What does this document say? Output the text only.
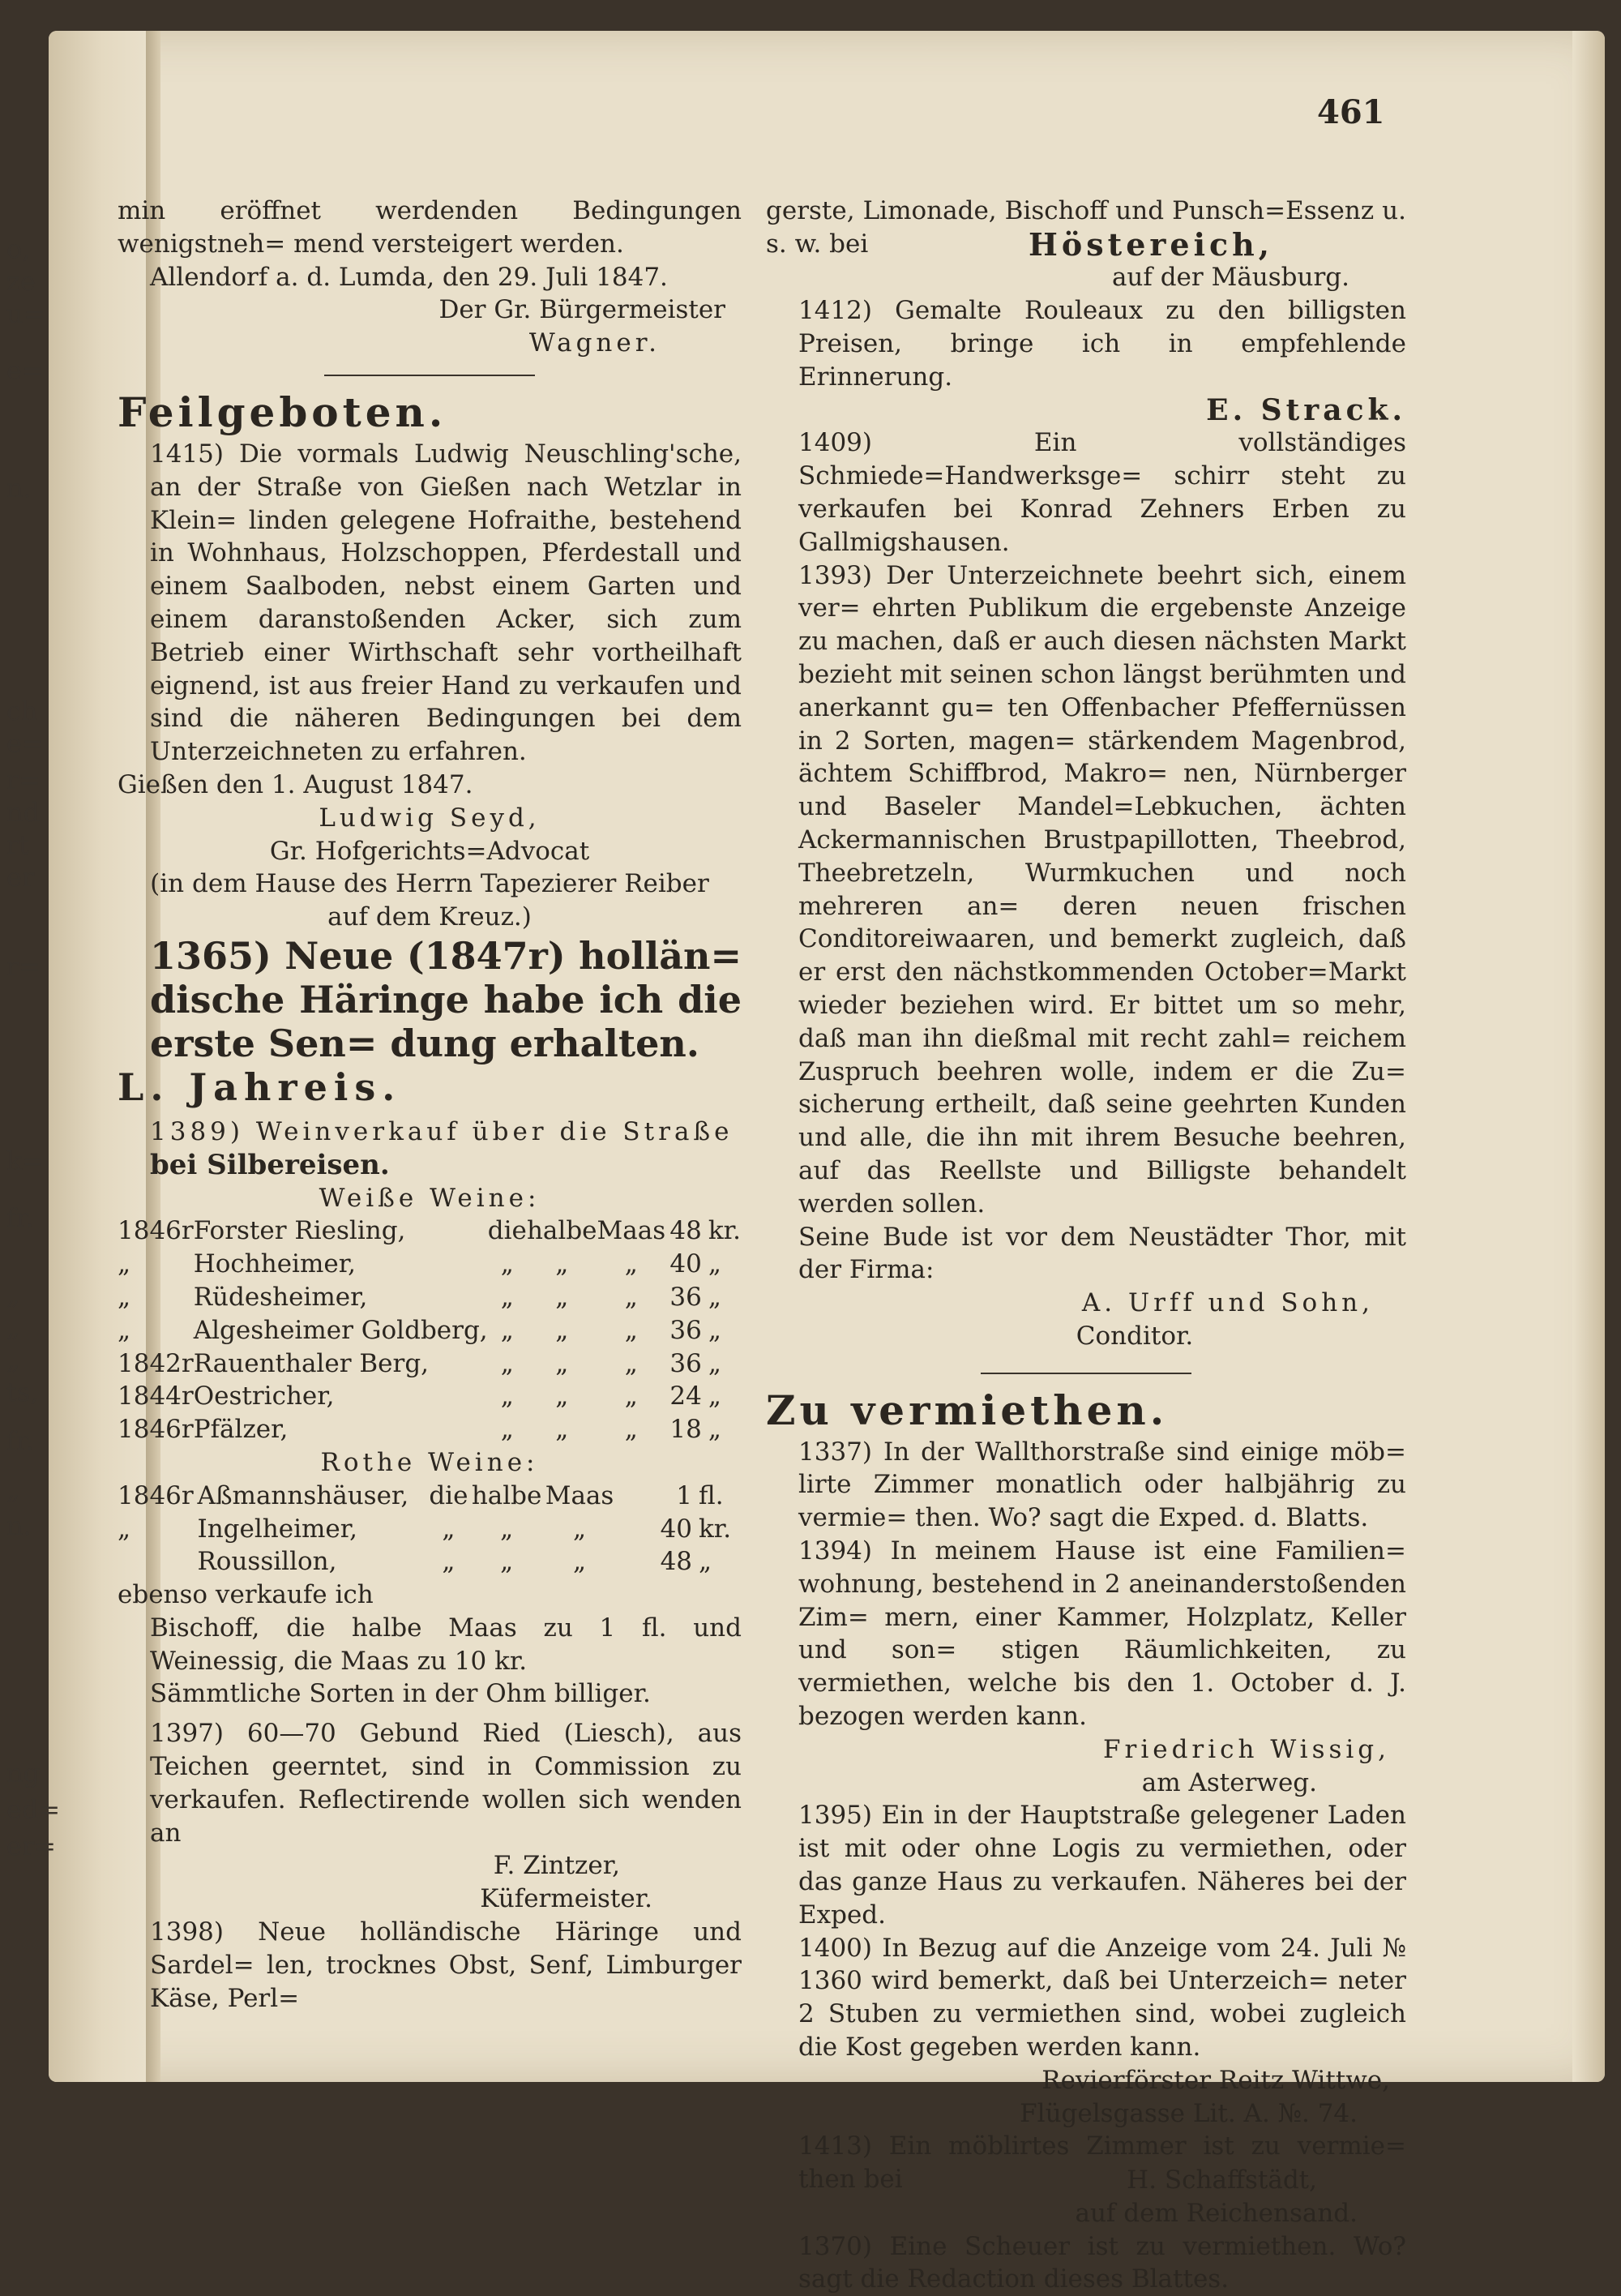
o,
ze
u=
e=
n.
ch
e=
r=
nd
rt
er
r=
k=
fr.
„
„
„
ts,
fr.
„
n.
ng
ed=
er=
461

min eröffnet werdenden Bedingungen wenigstneh= mend versteigert werden.

Allendorf a. d. Lumda, den 29. Juli 1847.

Der Gr. Bürgermeister

Wagner.

Feilgeboten.

1415) Die vormals Ludwig Neuschling'sche, an der Straße von Gießen nach Wetzlar in Klein= linden gelegene Hofraithe, bestehend in Wohnhaus, Holzschoppen, Pferdestall und einem Saalboden, nebst einem Garten und einem daranstoßenden Acker, sich zum Betrieb einer Wirthschaft sehr vortheilhaft eignend, ist aus freier Hand zu verkaufen und sind die näheren Bedingungen bei dem Unterzeichneten zu erfahren.

Gießen den 1. August 1847.

Ludwig Seyd,

Gr. Hofgerichts=Advocat

(in dem Hause des Herrn Tapezierer Reiber

auf dem Kreuz.)

1365) Neue (1847r) hollän= dische Häringe habe ich die erste Sen= dung erhalten.

L. Jahreis.

1389) Weinverkauf über die Straße

bei Silbereisen.

Weiße Weine:

1846r	Forster Riesling,	die	halbe	Maas	48	kr.
„	Hochheimer,	„	„	„	40	„
„	Rüdesheimer,	„	„	„	36	„
„	Algesheimer Goldberg,	„	„	„	36	„
1842r	Rauenthaler Berg,	„	„	„	36	„
1844r	Oestricher,	„	„	„	24	„
1846r	Pfälzer,	„	„	„	18	„

Rothe Weine:

1846r	Aßmannshäuser,	die	halbe	Maas	1	fl.
„	Ingelheimer,	„	„	„	40	kr.
	Roussillon,	„	„	„	48	„

ebenso verkaufe ich

Bischoff, die halbe Maas zu 1 fl. und Weinessig, die Maas zu 10 kr.

Sämmtliche Sorten in der Ohm billiger.

1397) 60—70 Gebund Ried (Liesch), aus Teichen geerntet, sind in Commission zu verkaufen. Reflectirende wollen sich wenden an

F. Zintzer,

Küfermeister.

1398) Neue holländische Häringe und Sardel= len, trocknes Obst, Senf, Limburger Käse, Perl=

gerste, Limonade, Bischoff und Punsch=Essenz u. s. w. bei	Höstereich,

auf der Mäusburg.

1412) Gemalte Rouleaux zu den billigsten Preisen, bringe ich in empfehlende Erinnerung.

E. Strack.

1409) Ein vollständiges Schmiede=Handwerksge= schirr steht zu verkaufen bei Konrad Zehners Erben zu Gallmigshausen.

1393) Der Unterzeichnete beehrt sich, einem ver= ehrten Publikum die ergebenste Anzeige zu machen, daß er auch diesen nächsten Markt bezieht mit seinen schon längst berühmten und anerkannt gu= ten Offenbacher Pfeffernüssen in 2 Sorten, magen= stärkendem Magenbrod, ächtem Schiffbrod, Makro= nen, Nürnberger und Baseler Mandel=Lebkuchen, ächten Ackermannischen Brustpapillotten, Theebrod, Theebretzeln, Wurmkuchen und noch mehreren an= deren neuen frischen Conditoreiwaaren, und bemerkt zugleich, daß er erst den nächstkommenden October=Markt wieder beziehen wird. Er bittet um so mehr, daß man ihn dießmal mit recht zahl= reichem Zuspruch beehren wolle, indem er die Zu= sicherung ertheilt, daß seine geehrten Kunden und alle, die ihn mit ihrem Besuche beehren, auf das Reellste und Billigste behandelt werden sollen.

Seine Bude ist vor dem Neustädter Thor, mit der Firma:

A. Urff und Sohn,

Conditor.

Zu vermiethen.

1337) In der Wallthorstraße sind einige möb= lirte Zimmer monatlich oder halbjährig zu vermie= then. Wo? sagt die Exped. d. Blatts.

1394) In meinem Hause ist eine Familien= wohnung, bestehend in 2 aneinanderstoßenden Zim= mern, einer Kammer, Holzplatz, Keller und son= stigen Räumlichkeiten, zu vermiethen, welche bis den 1. October d. J. bezogen werden kann.

Friedrich Wissig,

am Asterweg.

1395) Ein in der Hauptstraße gelegener Laden ist mit oder ohne Logis zu vermiethen, oder das ganze Haus zu verkaufen. Näheres bei der Exped.

1400) In Bezug auf die Anzeige vom 24. Juli № 1360 wird bemerkt, daß bei Unterzeich= neter 2 Stuben zu vermiethen sind, wobei zugleich die Kost gegeben werden kann.

Revierförster Reitz Wittwe,

Flügelsgasse Lit. A. №. 74.

1413) Ein möblirtes Zimmer ist zu vermie= then bei	H. Schaffstädt,

auf dem Reichensand.

1370) Eine Scheuer ist zu vermiethen. Wo? sagt die Redaction dieses Blattes.
